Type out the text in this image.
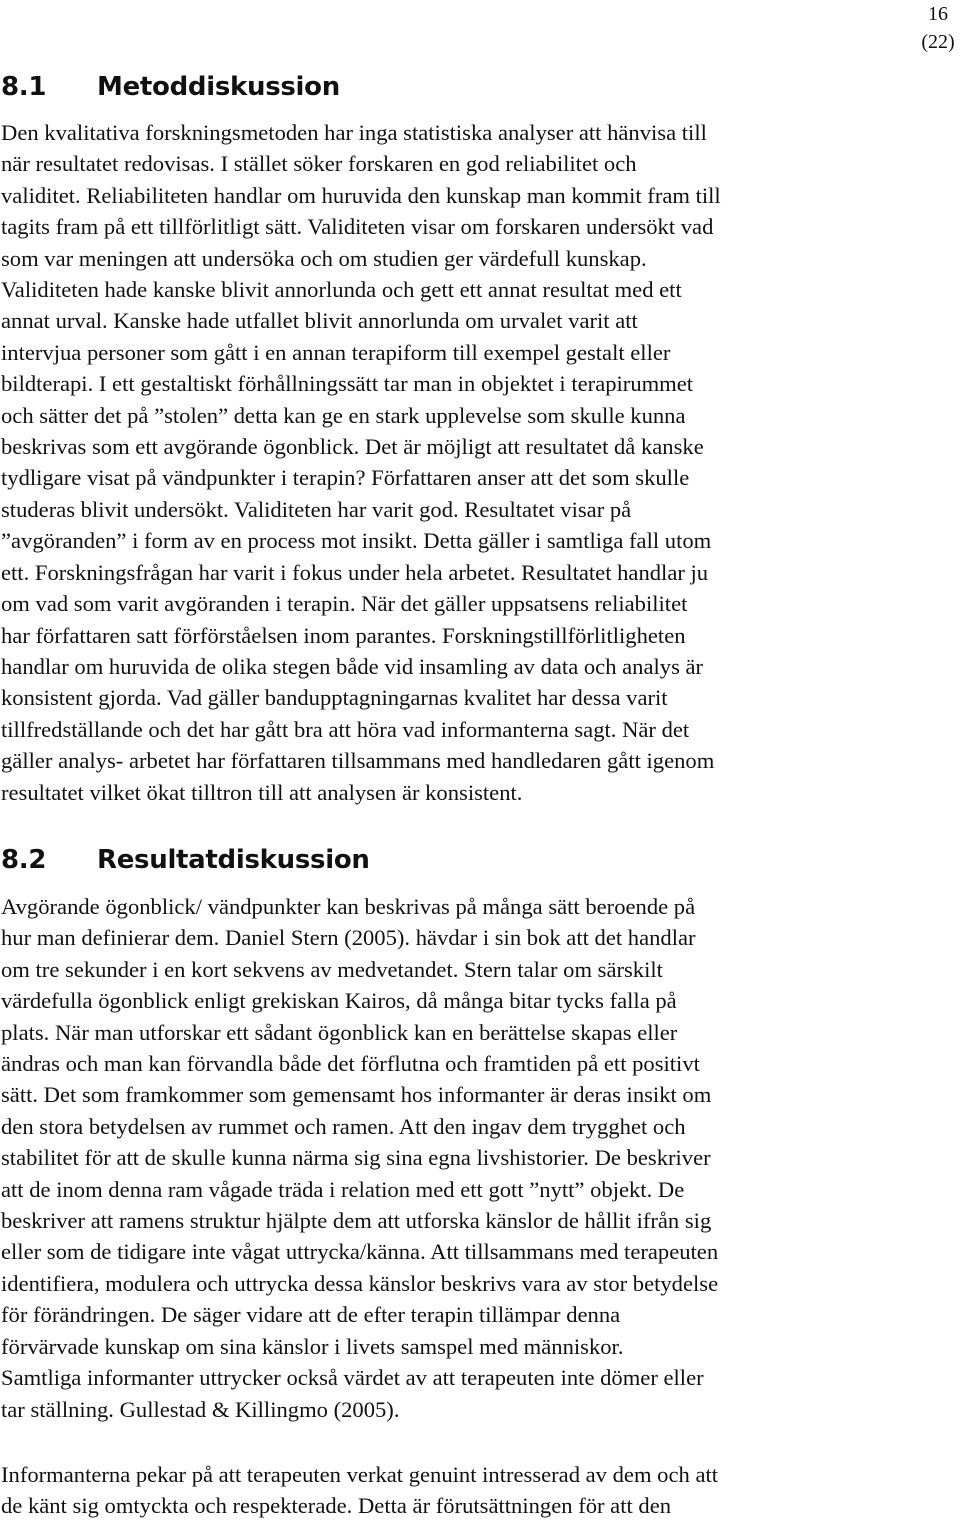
16
(22)
8.1 Metoddiskussion

Den kvalitativa forskningsmetoden har inga statistiska analyser att hänvisa till
när resultatet redovisas. I stället söker forskaren en god reliabilitet och
validitet. Reliabiliteten handlar om huruvida den kunskap man kommit fram till
tagits fram på ett tillförlitligt sätt. Validiteten visar om forskaren undersökt vad
som var meningen att undersöka och om studien ger värdefull kunskap.
Validiteten hade kanske blivit annorlunda och gett ett annat resultat med ett
annat urval. Kanske hade utfallet blivit annorlunda om urvalet varit att
intervjua personer som gått i en annan terapiform till exempel gestalt eller
bildterapi. I ett gestaltiskt förhållningssätt tar man in objektet i terapirummet
och sätter det på ”stolen” detta kan ge en stark upplevelse som skulle kunna
beskrivas som ett avgörande ögonblick. Det är möjligt att resultatet då kanske
tydligare visat på vändpunkter i terapin? Författaren anser att det som skulle
studeras blivit undersökt. Validiteten har varit god. Resultatet visar på
”avgöranden” i form av en process mot insikt. Detta gäller i samtliga fall utom
ett. Forskningsfrågan har varit i fokus under hela arbetet. Resultatet handlar ju
om vad som varit avgöranden i terapin. När det gäller uppsatsens reliabilitet
har författaren satt förförståelsen inom parantes. Forskningstillförlitligheten
handlar om huruvida de olika stegen både vid insamling av data och analys är
konsistent gjorda. Vad gäller bandupptagningarnas kvalitet har dessa varit
tillfredställande och det har gått bra att höra vad informanterna sagt. När det
gäller analys- arbetet har författaren tillsammans med handledaren gått igenom
resultatet vilket ökat tilltron till att analysen är konsistent.

8.2 Resultatdiskussion

Avgörande ögonblick/ vändpunkter kan beskrivas på många sätt beroende på
hur man definierar dem. Daniel Stern (2005). hävdar i sin bok att det handlar
om tre sekunder i en kort sekvens av medvetandet. Stern talar om särskilt
värdefulla ögonblick enligt grekiskan Kairos, då många bitar tycks falla på
plats. När man utforskar ett sådant ögonblick kan en berättelse skapas eller
ändras och man kan förvandla både det förflutna och framtiden på ett positivt
sätt. Det som framkommer som gemensamt hos informanter är deras insikt om
den stora betydelsen av rummet och ramen. Att den ingav dem trygghet och
stabilitet för att de skulle kunna närma sig sina egna livshistorier. De beskriver
att de inom denna ram vågade träda i relation med ett gott ”nytt” objekt. De
beskriver att ramens struktur hjälpte dem att utforska känslor de hållit ifrån sig
eller som de tidigare inte vågat uttrycka/känna. Att tillsammans med terapeuten
identifiera, modulera och uttrycka dessa känslor beskrivs vara av stor betydelse
för förändringen. De säger vidare att de efter terapin tillämpar denna
förvärvade kunskap om sina känslor i livets samspel med människor.
Samtliga informanter uttrycker också värdet av att terapeuten inte dömer eller
tar ställning. Gullestad & Killingmo (2005).

Informanterna pekar på att terapeuten verkat genuint intresserad av dem och att
de känt sig omtyckta och respekterade. Detta är förutsättningen för att den
